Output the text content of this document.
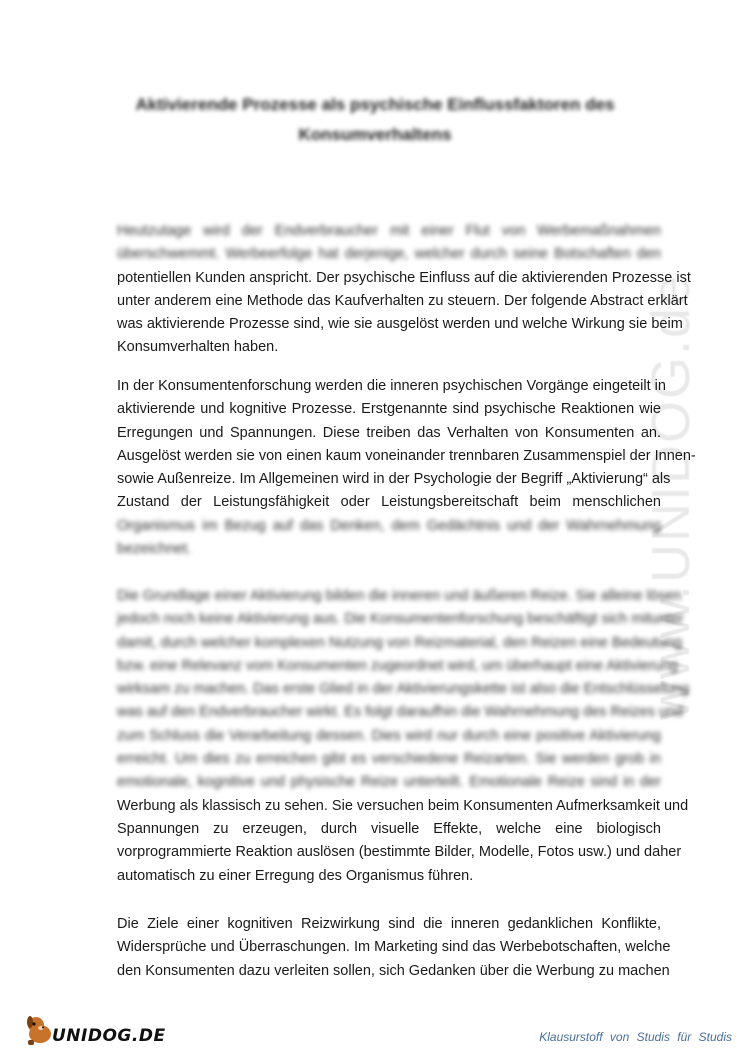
www.UNIDOG.de
Aktivierende Prozesse als psychische Einflussfaktoren des
Konsumverhaltens
Heutzutage wird der Endverbraucher mit einer Flut von Werbemaßnahmen
überschwemmt. Werbeerfolge hat derjenige, welcher durch seine Botschaften den
potentiellen Kunden anspricht. Der psychische Einfluss auf die aktivierenden Prozesse ist
unter anderem eine Methode das Kaufverhalten zu steuern. Der folgende Abstract erklärt
was aktivierende Prozesse sind, wie sie ausgelöst werden und welche Wirkung sie beim
Konsumverhalten haben.
In der Konsumentenforschung werden die inneren psychischen Vorgänge eingeteilt in
aktivierende und kognitive Prozesse. Erstgenannte sind psychische Reaktionen wie
Erregungen und Spannungen. Diese treiben das Verhalten von Konsumenten an.
Ausgelöst werden sie von einen kaum voneinander trennbaren Zusammenspiel der Innen-
sowie Außenreize. Im Allgemeinen wird in der Psychologie der Begriff „Aktivierung“ als
Zustand der Leistungsfähigkeit oder Leistungsbereitschaft beim menschlichen
Organismus im Bezug auf das Denken, dem Gedächtnis und der Wahrnehmung
bezeichnet.
Die Grundlage einer Aktivierung bilden die inneren und äußeren Reize. Sie alleine lösen
jedoch noch keine Aktivierung aus. Die Konsumentenforschung beschäftigt sich mitunter
damit, durch welcher komplexen Nutzung von Reizmaterial, den Reizen eine Bedeutung
bzw. eine Relevanz vom Konsumenten zugeordnet wird, um überhaupt eine Aktivierung
wirksam zu machen. Das erste Glied in der Aktivierungskette ist also die Entschlüsselung
was auf den Endverbraucher wirkt. Es folgt daraufhin die Wahrnehmung des Reizes und
zum Schluss die Verarbeitung dessen. Dies wird nur durch eine positive Aktivierung
erreicht. Um dies zu erreichen gibt es verschiedene Reizarten. Sie werden grob in
emotionale, kognitive und physische Reize unterteilt. Emotionale Reize sind in der
Werbung als klassisch zu sehen. Sie versuchen beim Konsumenten Aufmerksamkeit und
Spannungen zu erzeugen, durch visuelle Effekte, welche eine biologisch
vorprogrammierte Reaktion auslösen (bestimmte Bilder, Modelle, Fotos usw.) und daher
automatisch zu einer Erregung des Organismus führen.
Die Ziele einer kognitiven Reizwirkung sind die inneren gedanklichen Konflikte,
Widersprüche und Überraschungen. Im Marketing sind das Werbebotschaften, welche
den Konsumenten dazu verleiten sollen, sich Gedanken über die Werbung zu machen
UNIDOG.DE	Klausurstoff von Studis für Studis
